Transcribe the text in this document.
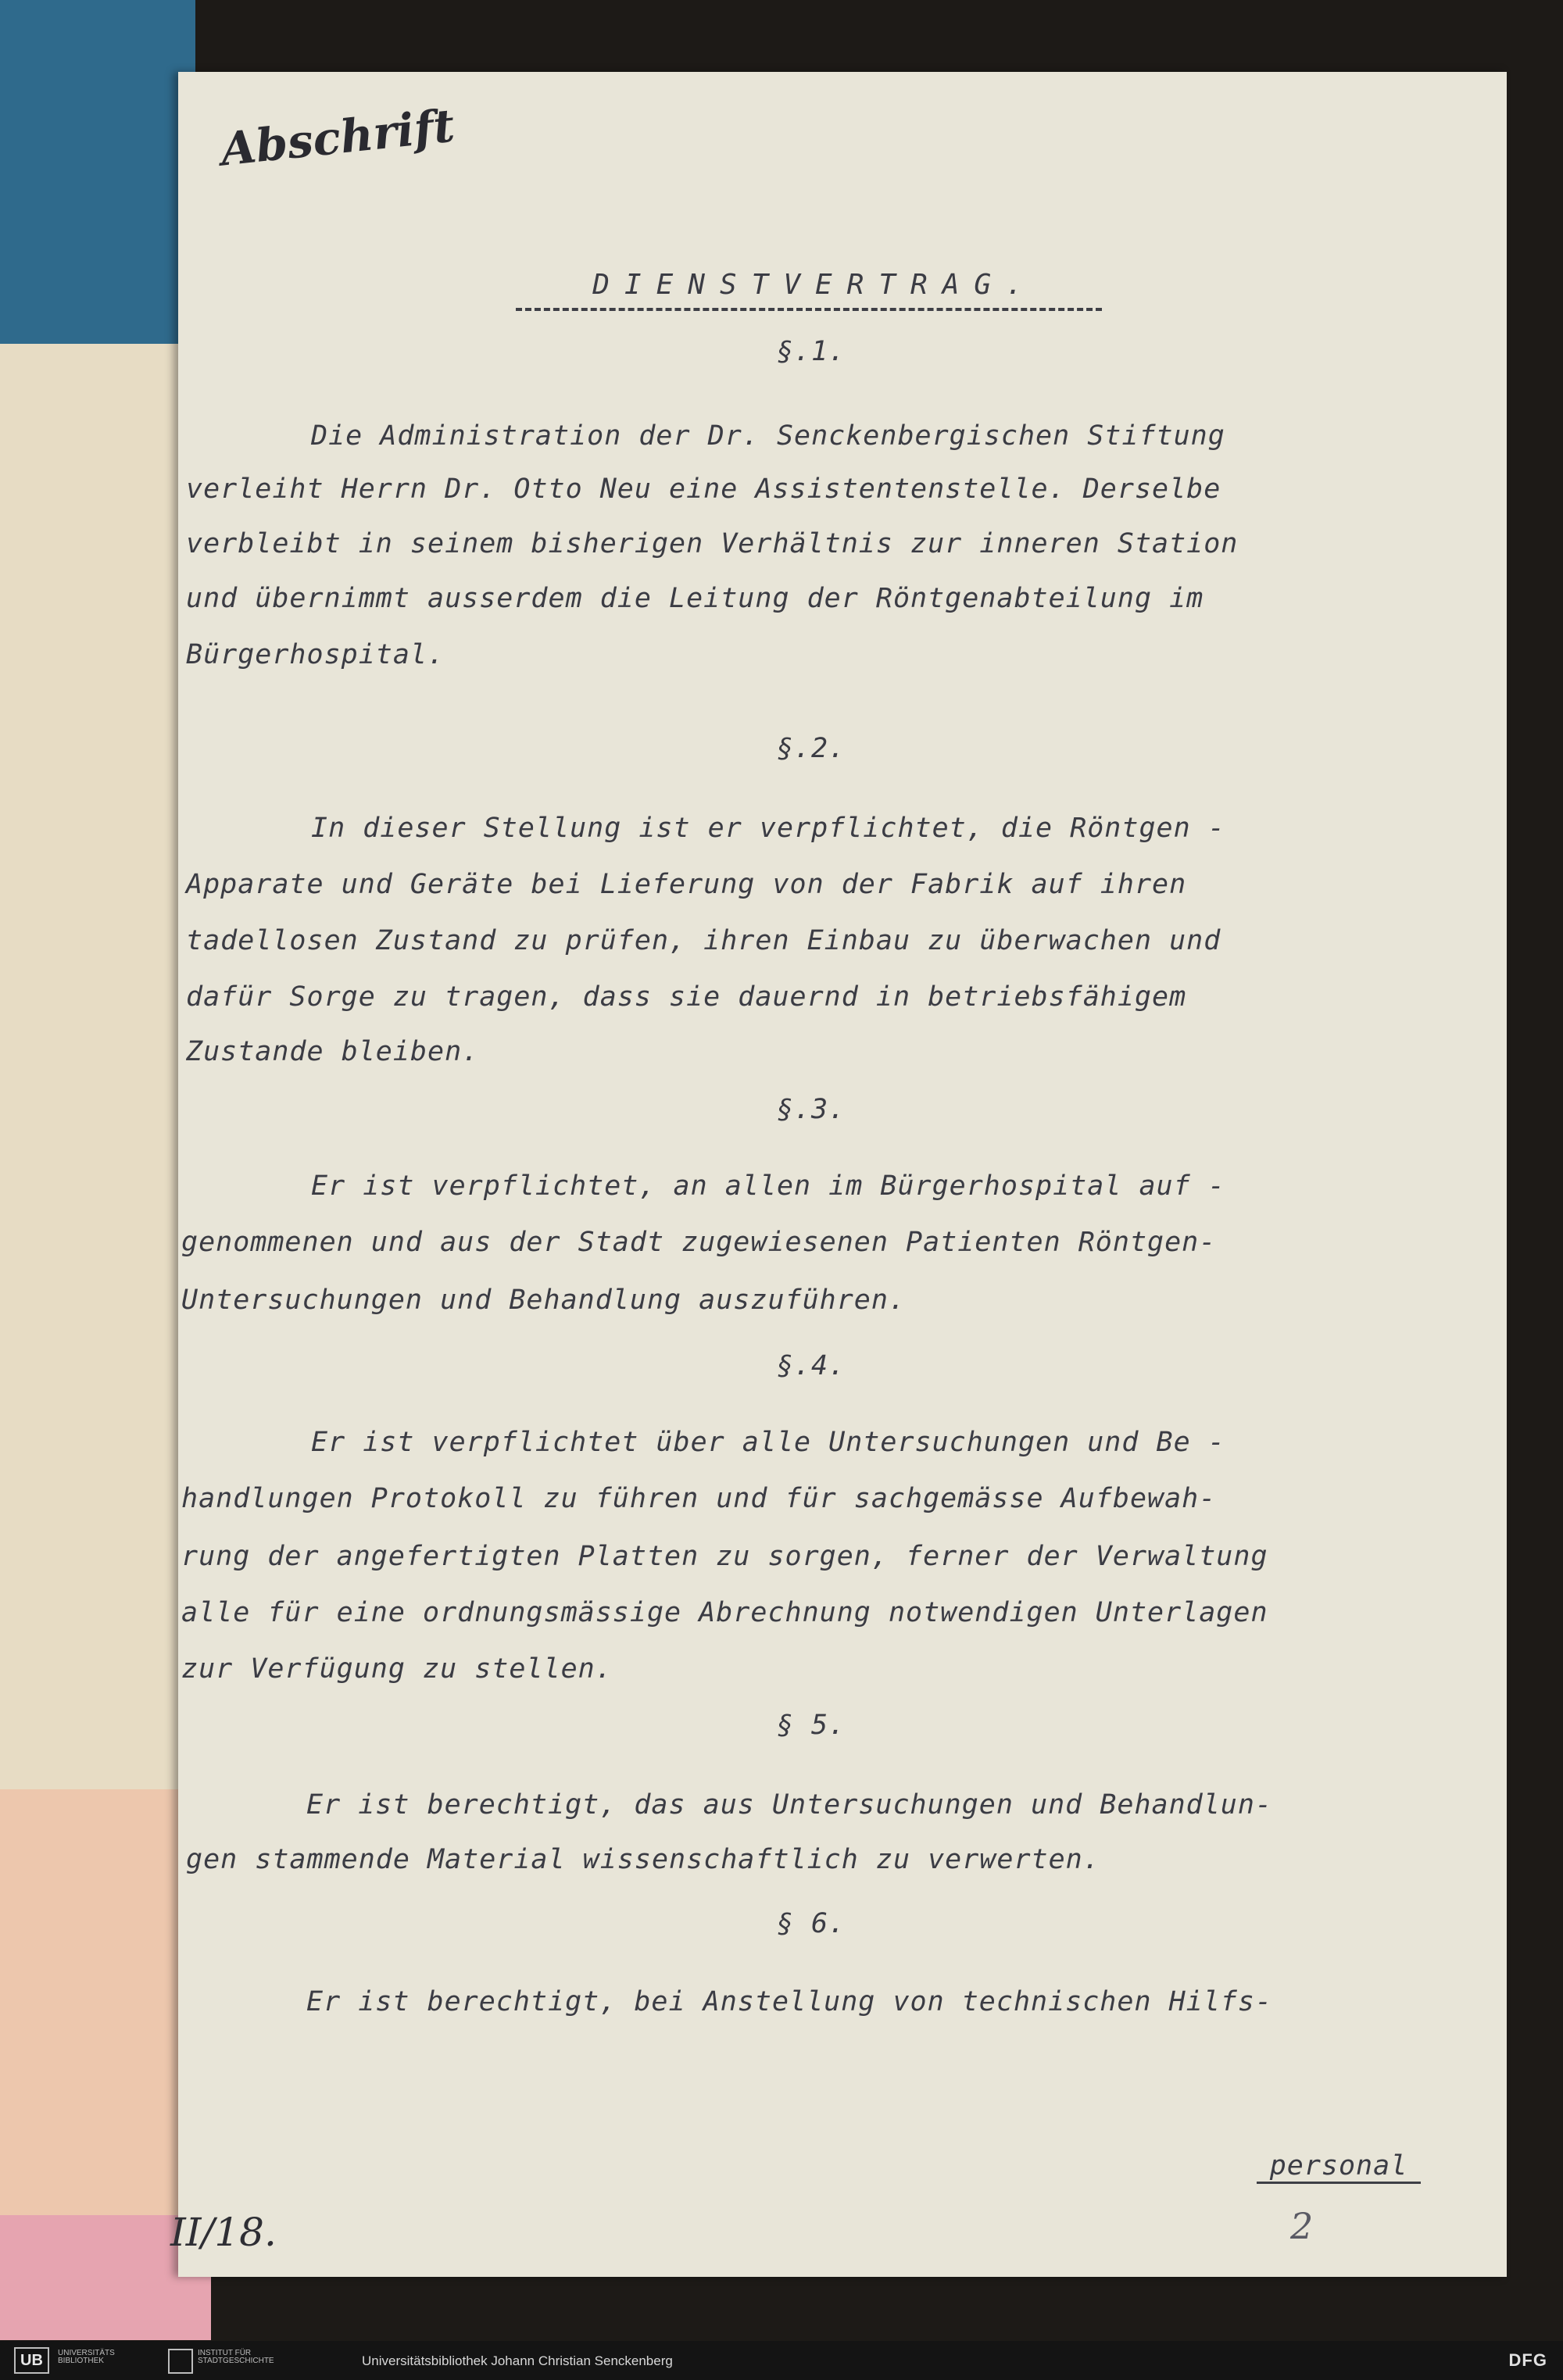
Abschrift
DIENSTVERTRAG.
§.1.
Die Administration der Dr. Senckenbergischen Stiftung
verleiht Herrn Dr. Otto Neu eine Assistentenstelle. Derselbe
verbleibt in seinem bisherigen Verhältnis zur inneren Station
und übernimmt ausserdem die Leitung der Röntgenabteilung im
Bürgerhospital.
§.2.
In dieser Stellung ist er verpflichtet, die Röntgen -
Apparate und Geräte bei Lieferung von der Fabrik auf ihren
tadellosen Zustand zu prüfen, ihren Einbau zu überwachen und
dafür Sorge zu tragen, dass sie dauernd in betriebsfähigem
Zustande bleiben.
§.3.
Er ist verpflichtet, an allen im Bürgerhospital auf -
genommenen und aus der Stadt zugewiesenen Patienten Röntgen-
Untersuchungen und Behandlung auszuführen.
§.4.
Er ist verpflichtet über alle Untersuchungen und Be -
handlungen Protokoll zu führen und für sachgemässe Aufbewah-
rung der angefertigten Platten zu sorgen, ferner der Verwaltung
alle für eine ordnungsmässige Abrechnung notwendigen Unterlagen
zur Verfügung zu stellen.
§ 5.
Er ist berechtigt, das aus Untersuchungen und Behandlun-
gen stammende Material wissenschaftlich zu verwerten.
§ 6.
Er ist berechtigt, bei Anstellung von technischen Hilfs-
personal
II/18.	2
UB	UNIVERSITÄTS BIBLIOTHEK
INSTITUT FÜR STADTGESCHICHTE	Universitätsbibliothek Johann Christian Senckenberg	DFG
